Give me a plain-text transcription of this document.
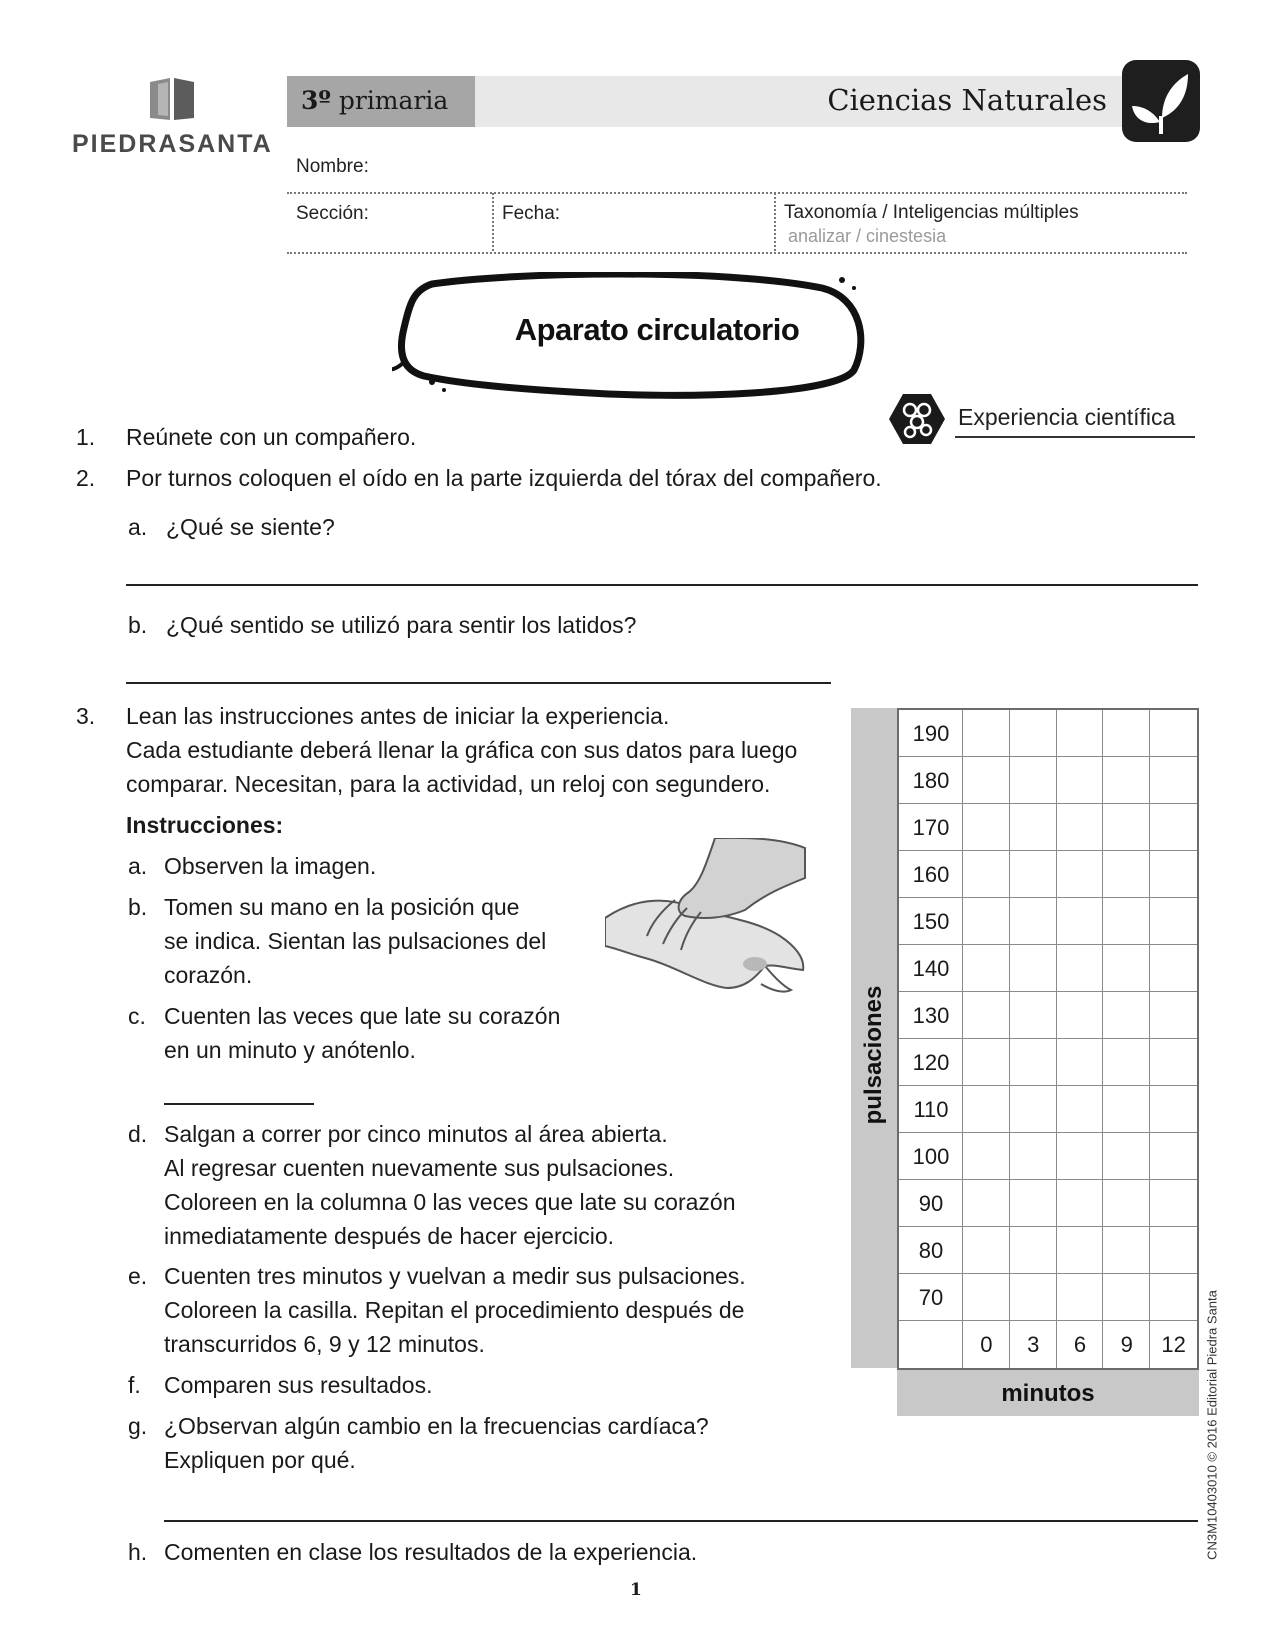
PIEDRASANTA
3º primaria	Ciencias Naturales
Nombre:
Sección:	Fecha:	Taxonomía / Inteligencias múltiples
analizar / cinestesia
Aparato circulatorio
Experiencia científica
1. Reúnete con un compañero.
2. Por turnos coloquen el oído en la parte izquierda del tórax del compañero.
a. ¿Qué se siente?
b. ¿Qué sentido se utilizó para sentir los latidos?
3. Lean las instrucciones antes de iniciar la experiencia.
Cada estudiante deberá llenar la gráfica con sus datos para luego
comparar. Necesitan, para la actividad, un reloj con segundero.
Instrucciones:
a. Observen la imagen.
b. Tomen su mano en la posición que
se indica. Sientan las pulsaciones del
corazón.
c. Cuenten las veces que late su corazón
en un minuto y anótenlo.
d. Salgan a correr por cinco minutos al área abierta.
Al regresar cuenten nuevamente sus pulsaciones.
Coloreen en la columna 0 las veces que late su corazón
inmediatamente después de hacer ejercicio.
e. Cuenten tres minutos y vuelvan a medir sus pulsaciones.
Coloreen la casilla. Repitan el procedimiento después de
transcurridos 6, 9 y 12 minutos.
f. Comparen sus resultados.
g. ¿Observan algún cambio en la frecuencias cardíaca?
Expliquen por qué.
h. Comenten en clase los resultados de la experiencia.
pulsaciones
minutos
190
180
170
160
150
140
130
120
110
100
90
80
70
0	3	6	9	12	CN3M10403010 © 2016 Editorial Piedra Santa
1
